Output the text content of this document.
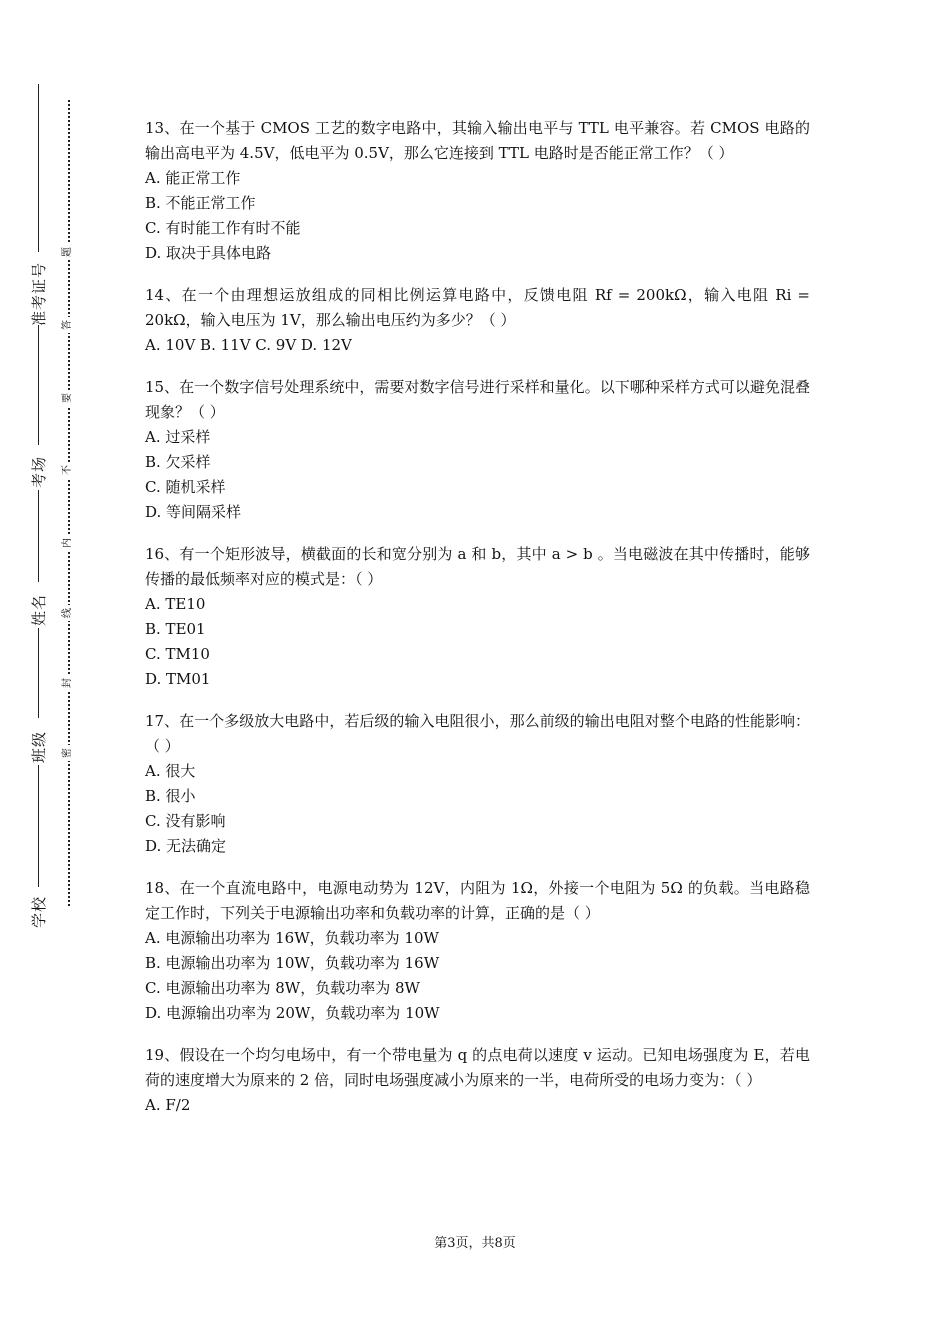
准考证号
考场
姓名
班级
学校
题
答
要
不
内
线
封
密
13、在一个基于 CMOS 工艺的数字电路中，其输入输出电平与 TTL 电平兼容。若 CMOS 电路的输出高电平为 4.5V，低电平为 0.5V，那么它连接到 TTL 电路时是否能正常工作？（ ）
A. 能正常工作
B. 不能正常工作
C. 有时能工作有时不能
D. 取决于具体电路
14、在一个由理想运放组成的同相比例运算电路中，反馈电阻 Rf = 200kΩ，输入电阻 Ri = 20kΩ，输入电压为 1V，那么输出电压约为多少？（ ）
A. 10V B. 11V C. 9V D. 12V
15、在一个数字信号处理系统中，需要对数字信号进行采样和量化。以下哪种采样方式可以避免混叠现象？（ ）
A. 过采样
B. 欠采样
C. 随机采样
D. 等间隔采样
16、有一个矩形波导，横截面的长和宽分别为 a 和 b，其中 a > b 。当电磁波在其中传播时，能够传播的最低频率对应的模式是：（ ）
A. TE10
B. TE01
C. TM10
D. TM01
17、在一个多级放大电路中，若后级的输入电阻很小，那么前级的输出电阻对整个电路的性能影响：（ ）
A. 很大
B. 很小
C. 没有影响
D. 无法确定
18、在一个直流电路中，电源电动势为 12V，内阻为 1Ω，外接一个电阻为 5Ω 的负载。当电路稳定工作时，下列关于电源输出功率和负载功率的计算，正确的是（ ）
A. 电源输出功率为 16W，负载功率为 10W
B. 电源输出功率为 10W，负载功率为 16W
C. 电源输出功率为 8W，负载功率为 8W
D. 电源输出功率为 20W，负载功率为 10W
19、假设在一个均匀电场中，有一个带电量为 q 的点电荷以速度 v 运动。已知电场强度为 E，若电荷的速度增大为原来的 2 倍，同时电场强度减小为原来的一半，电荷所受的电场力变为：（ ）
A. F/2
第3页，共8页
